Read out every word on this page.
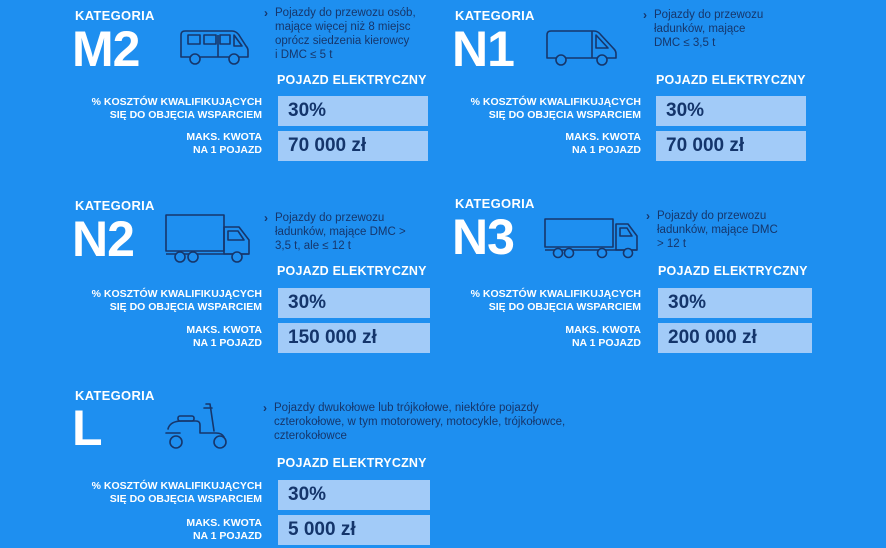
KATEGORIA
M2
› Pojazdy do przewozu osób,
mające więcej niż 8 miejsc
oprócz siedzenia kierowcy
i DMC ≤ 5 t
POJAZD ELEKTRYCZNY
% KOSZTÓW KWALIFIKUJĄCYCH
SIĘ DO OBJĘCIA WSPARCIEM	30%
MAKS. KWOTA
NA 1 POJAZD	70 000 zł
KATEGORIA
N1
› Pojazdy do przewozu
ładunków, mające
DMC ≤ 3,5 t
POJAZD ELEKTRYCZNY
% KOSZTÓW KWALIFIKUJĄCYCH
SIĘ DO OBJĘCIA WSPARCIEM	30%
MAKS. KWOTA
NA 1 POJAZD	70 000 zł
KATEGORIA
N2	› Pojazdy do przewozu
ładunków, mające DMC >
3,5 t, ale ≤ 12 t
POJAZD ELEKTRYCZNY
% KOSZTÓW KWALIFIKUJĄCYCH
SIĘ DO OBJĘCIA WSPARCIEM	30%
MAKS. KWOTA
NA 1 POJAZD	150 000 zł
KATEGORIA
N3	› Pojazdy do przewozu
ładunków, mające DMC
> 12 t
POJAZD ELEKTRYCZNY
% KOSZTÓW KWALIFIKUJĄCYCH
SIĘ DO OBJĘCIA WSPARCIEM	30%
MAKS. KWOTA
NA 1 POJAZD	200 000 zł
KATEGORIA
L	› Pojazdy dwukołowe lub trójkołowe, niektóre pojazdy
czterokołowe, w tym motorowery, motocykle, trójkołowce,
czterokołowce
POJAZD ELEKTRYCZNY
% KOSZTÓW KWALIFIKUJĄCYCH
SIĘ DO OBJĘCIA WSPARCIEM	30%
MAKS. KWOTA
NA 1 POJAZD	5 000 zł
